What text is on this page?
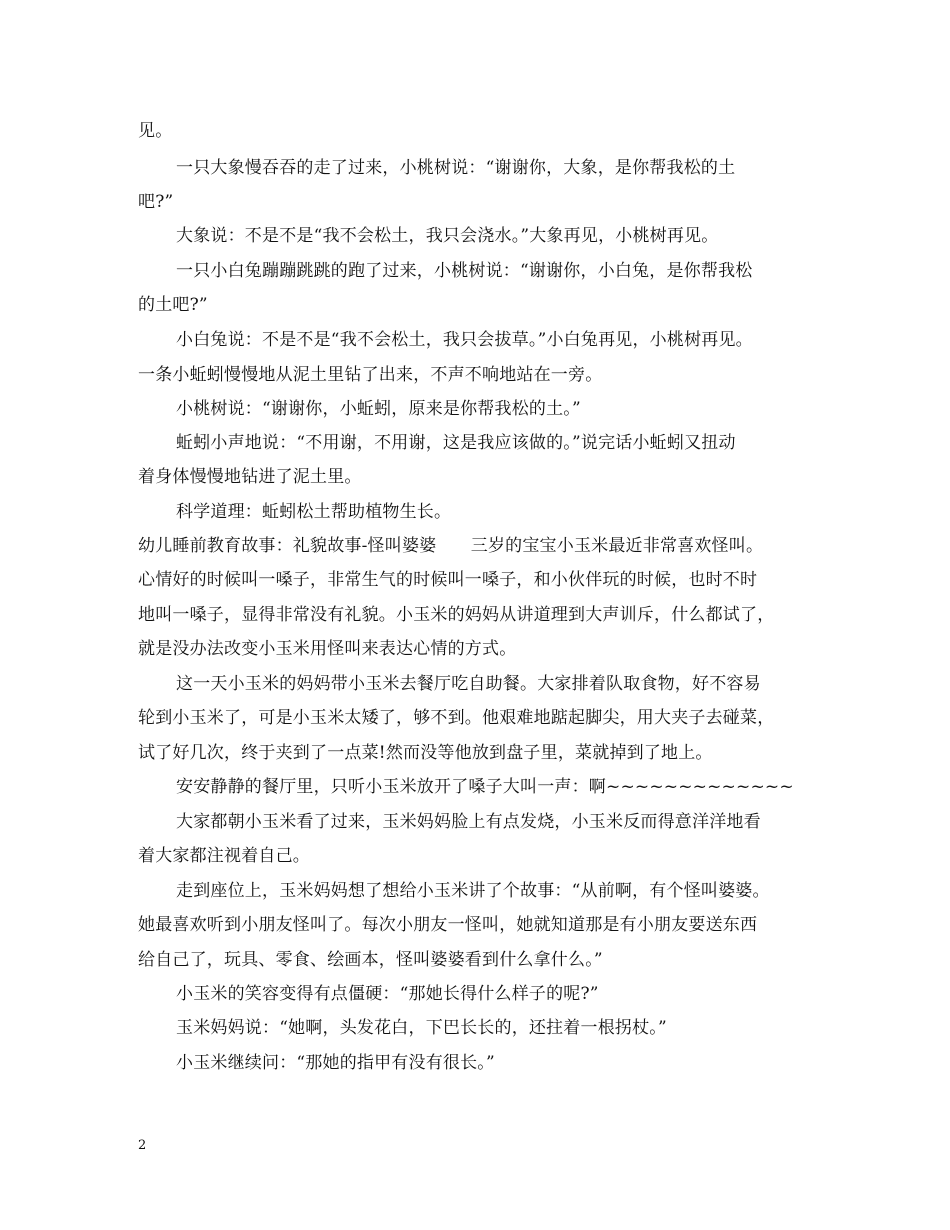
见。
一只大象慢吞吞的走了过来，小桃树说：“谢谢你，大象，是你帮我松的土
吧?”
大象说：不是不是“我不会松土，我只会浇水。”大象再见，小桃树再见。
一只小白兔蹦蹦跳跳的跑了过来，小桃树说：“谢谢你，小白兔，是你帮我松
的土吧?”
小白兔说：不是不是“我不会松土，我只会拔草。”小白兔再见，小桃树再见。
一条小蚯蚓慢慢地从泥土里钻了出来，不声不响地站在一旁。
小桃树说：“谢谢你，小蚯蚓，原来是你帮我松的土。”
蚯蚓小声地说：“不用谢，不用谢，这是我应该做的。”说完话小蚯蚓又扭动
着身体慢慢地钻进了泥土里。
科学道理：蚯蚓松土帮助植物生长。
幼儿睡前教育故事：礼貌故事-怪叫婆婆　　三岁的宝宝小玉米最近非常喜欢怪叫。
心情好的时候叫一嗓子，非常生气的时候叫一嗓子，和小伙伴玩的时候，也时不时
地叫一嗓子，显得非常没有礼貌。小玉米的妈妈从讲道理到大声训斥，什么都试了，
就是没办法改变小玉米用怪叫来表达心情的方式。
这一天小玉米的妈妈带小玉米去餐厅吃自助餐。大家排着队取食物，好不容易
轮到小玉米了，可是小玉米太矮了，够不到。他艰难地踮起脚尖，用大夹子去碰菜，
试了好几次，终于夹到了一点菜!然而没等他放到盘子里，菜就掉到了地上。
安安静静的餐厅里，只听小玉米放开了嗓子大叫一声：啊~~~~~~~~~~~~~
大家都朝小玉米看了过来，玉米妈妈脸上有点发烧，小玉米反而得意洋洋地看
着大家都注视着自己。
走到座位上，玉米妈妈想了想给小玉米讲了个故事：“从前啊，有个怪叫婆婆。
她最喜欢听到小朋友怪叫了。每次小朋友一怪叫，她就知道那是有小朋友要送东西
给自己了，玩具、零食、绘画本，怪叫婆婆看到什么拿什么。”
小玉米的笑容变得有点僵硬：“那她长得什么样子的呢?”
玉米妈妈说：“她啊，头发花白，下巴长长的，还拄着一根拐杖。”
小玉米继续问：“那她的指甲有没有很长。”
2
